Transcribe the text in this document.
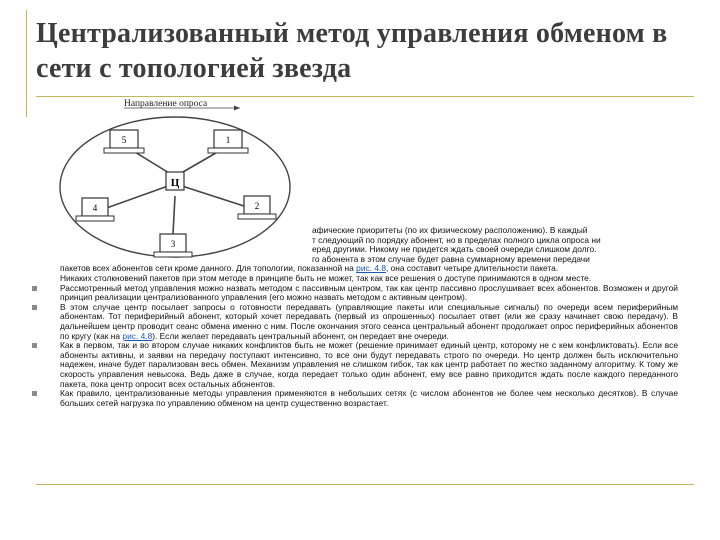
Централизованный метод управления обменом в сети с топологией звезда
Направление опроса
Ц
5	1
4	2
3

афические приоритеты (по их физическому расположению). В каждый
т следующий по порядку абонент, но в пределах полного цикла опроса ни
еред другими. Никому не придется ждать своей очереди слишком долго.
го абонента в этом случае будет равна суммарному времени передачи
пакетов всех абонентов сети кроме данного. Для топологии, показанной на рис. 4.8, она составит четыре длительности пакета.
Никаких столкновений пакетов при этом методе в принципе быть не может, так как все решения о доступе принимаются в одном месте.

Рассмотренный метод управления можно назвать методом с пассивным центром, так как центр пассивно прослушивает всех абонентов. Возможен и другой принцип реализации централизованного управления (его можно назвать методом с активным центром).

В этом случае центр посылает запросы о готовности передавать (управляющие пакеты или специальные сигналы) по очереди всем периферийным абонентам. Тот периферийный абонент, который хочет передавать (первый из опрошенных) посылает ответ (или же сразу начинает свою передачу). В дальнейшем центр проводит сеанс обмена именно с ним. После окончания этого сеанса центральный абонент продолжает опрос периферийных абонентов по кругу (как на рис. 4.8). Если желает передавать центральный абонент, он передает вне очереди.

Как в первом, так и во втором случае никаких конфликтов быть не может (решение принимает единый центр, которому не с кем конфликтовать). Если все абоненты активны, и заявки на передачу поступают интенсивно, то все они будут передавать строго по очереди. Но центр должен быть исключительно надежен, иначе будет парализован весь обмен. Механизм управления не слишком гибок, так как центр работает по жестко заданному алгоритму. К тому же скорость управления невысока. Ведь даже в случае, когда передает только один абонент, ему все равно приходится ждать после каждого переданного пакета, пока центр опросит всех остальных абонентов.

Как правило, централизованные методы управления применяются в небольших сетях (с числом абонентов не более чем несколько десятков). В случае больших сетей нагрузка по управлению обменом на центр существенно возрастает.
